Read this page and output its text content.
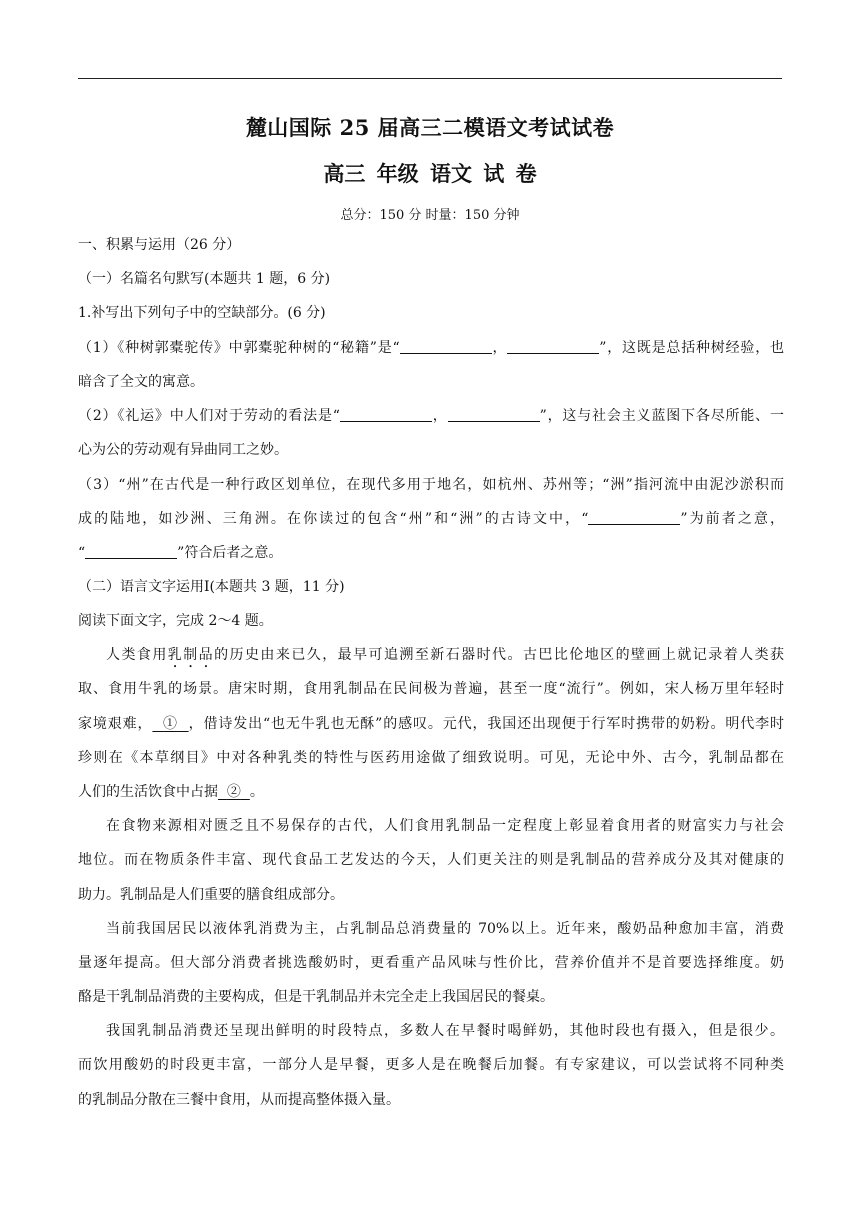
麓山国际 25 届高三二模语文考试试卷
高三 年级 语文 试 卷
总分：150 分 时量：150 分钟
一、积累与运用（26 分）
（一）名篇名句默写(本题共 1 题，6 分)
1.补写出下列句子中的空缺部分。(6 分)
（1）《种树郭橐驼传》中郭橐驼种树的“秘籍”是“	，	”，这既是总括种树经验，也
暗含了全文的寓意。
（2）《礼运》中人们对于劳动的看法是“	，	”，这与社会主义蓝图下各尽所能、一
心为公的劳动观有异曲同工之妙。
（3）“州”在古代是一种行政区划单位，在现代多用于地名，如杭州、苏州等；“洲”指河流中由泥沙淤积而
成的陆地，如沙洲、三角洲。在你读过的包含“州”和“洲”的古诗文中，“	”为前者之意，
“	”符合后者之意。
（二）语言文字运用Ⅰ(本题共 3 题，11 分)
阅读下面文字，完成 2～4 题。
人类食用乳制品的历史由来已久，最早可追溯至新石器时代。古巴比伦地区的壁画上就记录着人类获
取、食用牛乳的场景。唐宋时期，食用乳制品在民间极为普遍，甚至一度“流行”。例如，宋人杨万里年轻时
家境艰难， ① ，借诗发出“也无牛乳也无酥”的感叹。元代，我国还出现便于行军时携带的奶粉。明代李时
珍则在《本草纲目》中对各种乳类的特性与医药用途做了细致说明。可见，无论中外、古今，乳制品都在
人们的生活饮食中占据 ② 。
在食物来源相对匮乏且不易保存的古代，人们食用乳制品一定程度上彰显着食用者的财富实力与社会
地位。而在物质条件丰富、现代食品工艺发达的今天，人们更关注的则是乳制品的营养成分及其对健康的
助力。乳制品是人们重要的膳食组成部分。
当前我国居民以液体乳消费为主，占乳制品总消费量的 70%以上。近年来，酸奶品种愈加丰富，消费
量逐年提高。但大部分消费者挑选酸奶时，更看重产品风味与性价比，营养价值并不是首要选择维度。奶
酪是干乳制品消费的主要构成，但是干乳制品并未完全走上我国居民的餐桌。
我国乳制品消费还呈现出鲜明的时段特点，多数人在早餐时喝鲜奶，其他时段也有摄入，但是很少。
而饮用酸奶的时段更丰富，一部分人是早餐，更多人是在晚餐后加餐。有专家建议，可以尝试将不同种类
的乳制品分散在三餐中食用，从而提高整体摄入量。
